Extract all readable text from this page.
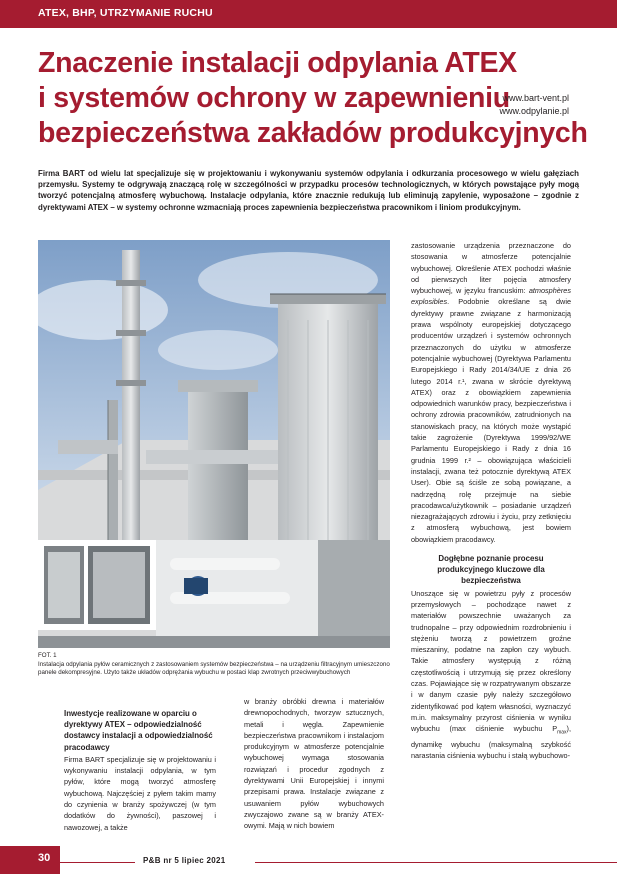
ATEX, BHP, UTRZYMANIE RUCHU
Znaczenie instalacji odpylania ATEX
i systemów ochrony w zapewnieniu
bezpieczeństwa zakładów produkcyjnych
www.bart-vent.pl
www.odpylanie.pl

Firma BART od wielu lat specjalizuje się w projektowaniu i wykonywaniu systemów odpylania i odkurzania procesowego w wielu gałęziach przemysłu. Systemy te odgrywają znaczącą rolę w szczególności w przypadku procesów technologicznych, w których powstające pyły mogą tworzyć potencjalną atmosferę wybuchową. Instalacje odpylania, które znacznie redukują lub eliminują zapylenie, wyposażone – zgodnie z dyrektywami ATEX – w systemy ochronne wzmacniają proces zapewnienia bezpieczeństwa pracownikom i liniom produkcyjnym.

FOT. 1
Instalacja odpylania pyłów ceramicznych z zastosowaniem systemów bezpieczeństwa – na urządzeniu filtracyjnym umieszczono panele dekompresyjne. Użyto także układów odprężania wybuchu w postaci klap zwrotnych przeciwwybuchowych
Inwestycje realizowane w oparciu o dyrektywy ATEX – odpowiedzialność dostawcy instalacji a odpowiedzialność pracodawcy

Firma BART specjalizuje się w projektowaniu i wykonywaniu instalacji odpylania, w tym pyłów, które mogą tworzyć atmosferę wybuchową. Najczęściej z pyłem takim mamy do czynienia w branży spożywczej (w tym dodatków do żywności), paszowej i nawozowej, a także

w branży obróbki drewna i materiałów drewnopochodnych, tworzyw sztucznych, metali i węgla. Zapewnienie bezpieczeństwa pracownikom i instalacjom produkcyjnym w atmosferze potencjalnie wybuchowej wymaga stosowania rozwiązań i procedur zgodnych z dyrektywami Unii Europejskiej i innymi przepisami prawa. Instalacje związane z usuwaniem pyłów wybuchowych zwyczajowo zwane są w branży ATEX-owymi. Mają w nich bowiem

zastosowanie urządzenia przeznaczone do stosowania w atmosferze potencjalnie wybuchowej. Określenie ATEX pochodzi właśnie od pierwszych liter pojęcia atmosfery wybuchowej, w języku francuskim: atmosphères explosibles. Podobnie określane są dwie dyrektywy prawne związane z harmonizacją prawa wspólnoty europejskiej dotyczącego producentów urządzeń i systemów ochronnych przeznaczonych do użytku w atmosferze potencjalnie wybuchowej (Dyrektywa Parlamentu Europejskiego i Rady 2014/34/UE z dnia 26 lutego 2014 r.¹, zwana w skrócie dyrektywą ATEX) oraz z obowiązkiem zapewnienia odpowiednich warunków pracy, bezpieczeństwa i ochrony zdrowia pracowników, zatrudnionych na stanowiskach pracy, na których może wystąpić takie zagrożenie (Dyrektywa 1999/92/WE Parlamentu Europejskiego i Rady z dnia 16 grudnia 1999 r.² – obowiązująca właścicieli instalacji, zwana też potocznie dyrektywą ATEX User). Obie są ściśle ze sobą powiązane, a nadrzędną rolę przejmuje na siebie pracodawca/użytkownik – posiadanie urządzeń niezagrażających zdrowiu i życiu, przy zetknięciu z atmosferą wybuchową, jest bowiem obowiązkiem pracodawcy.

Dogłębne poznanie procesu produkcyjnego kluczowe dla bezpieczeństwa

Unoszące się w powietrzu pyły z procesów przemysłowych – pochodzące nawet z materiałów powszechnie uważanych za trudnopalne – przy odpowiednim rozdrobnieniu i stężeniu tworzą z powietrzem groźne mieszaniny, podatne na zapłon czy wybuch. Takie atmosfery występują z różną częstotliwością i utrzymują się przez określony czas. Pojawiające się w rozpatrywanym obszarze i w danym czasie pyły należy szczegółowo zidentyfikować pod kątem własności, wyznaczyć m.in. maksymalny przyrost ciśnienia w wyniku wybuchu (max ciśnienie wybuchu $P_{max}$), dynamikę wybuchu (maksymalną szybkość narastania ciśnienia wybuchu i stałą wybuchowo-

30	P&B nr 5 lipiec 2021
